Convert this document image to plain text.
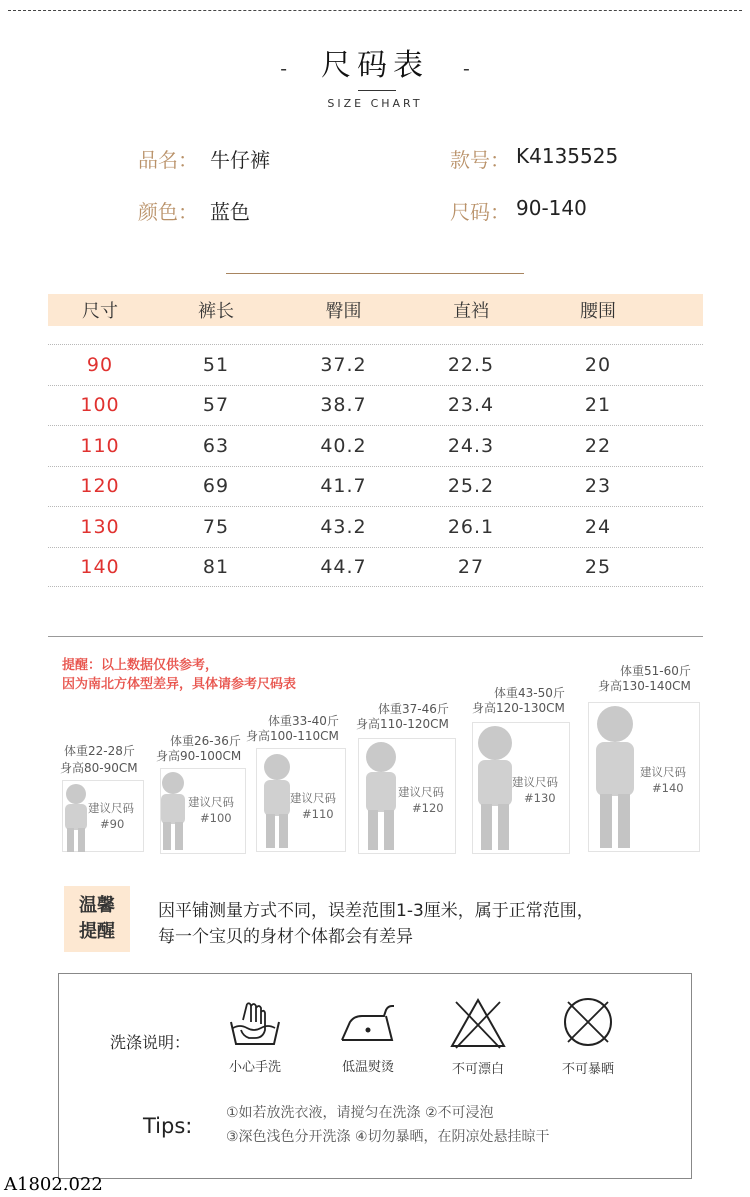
- 尺码表 -
SIZE CHART
品名： 牛仔裤	款号： K4135525
颜色： 蓝色	尺码： 90-140
尺寸	裤长	臀围	直裆	腰围
90	51	37.2	22.5	20
100	57	38.7	23.4	21
110	63	40.2	24.3	22
120	69	41.7	25.2	23
130	75	43.2	26.1	24
140	81	44.7	27	25
提醒：以上数据仅供参考，
因为南北方体型差异，具体请参考尺码表
体重22-28斤
身高80-90CM
建议尺码
#90
体重26-36斤
身高90-100CM
建议尺码
#100
体重33-40斤
身高100-110CM
建议尺码
#110
体重37-46斤
身高110-120CM
建议尺码
#120
体重43-50斤
身高120-130CM
建议尺码
#130
体重51-60斤
身高130-140CM
建议尺码
#140
温馨
提醒
因平铺测量方式不同，误差范围1-3厘米，属于正常范围，
每一个宝贝的身材个体都会有差异
洗涤说明：
小心手洗	低温熨烫	不可漂白	不可暴晒
Tips:
①如若放洗衣液，请搅匀在洗涤 ②不可浸泡
③深色浅色分开洗涤 ④切勿暴晒，在阴凉处悬挂晾干
A1802.022
